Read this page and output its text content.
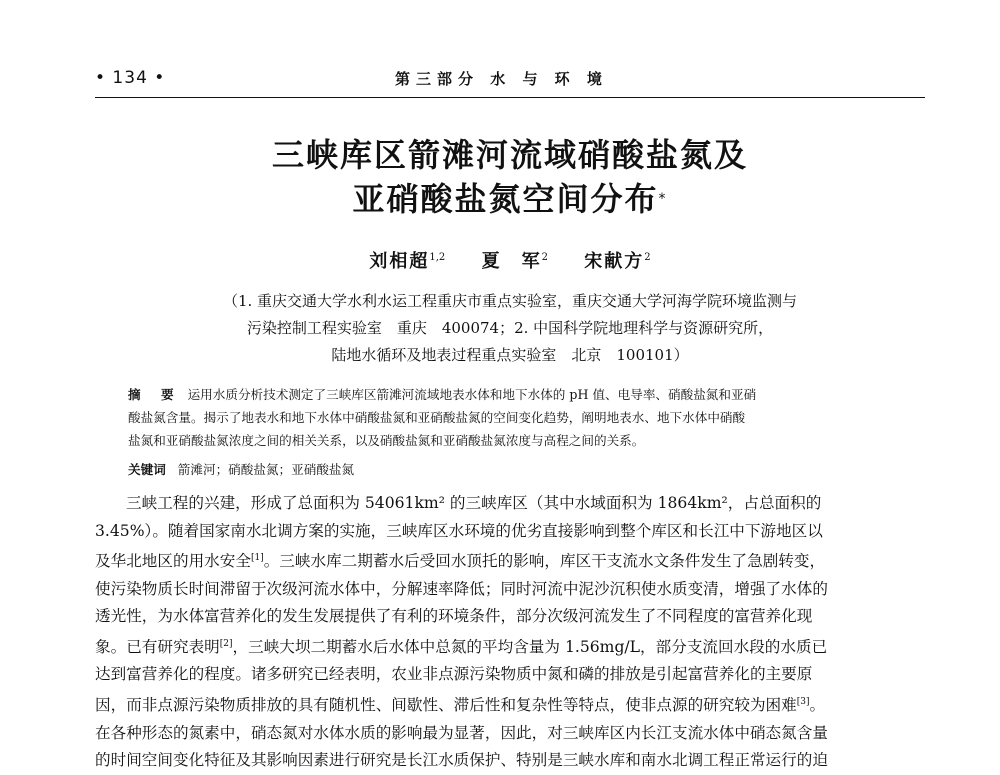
• 134 •	第三部分 水 与 环 境
三峡库区箭滩河流域硝酸盐氮及
亚硝酸盐氮空间分布*
刘相超$^{1,2}$ 夏　军$^2$ 宋献方$^2$
（1. 重庆交通大学水利水运工程重庆市重点实验室，重庆交通大学河海学院环境监测与
污染控制工程实验室　重庆　400074；2. 中国科学院地理科学与资源研究所，
陆地水循环及地表过程重点实验室　北京　100101）
摘 要 运用水质分析技术测定了三峡库区箭滩河流域地表水体和地下水体的 pH 值、电导率、硝酸盐氮和亚硝
酸盐氮含量。揭示了地表水和地下水体中硝酸盐氮和亚硝酸盐氮的空间变化趋势，阐明地表水、地下水体中硝酸
盐氮和亚硝酸盐氮浓度之间的相关关系，以及硝酸盐氮和亚硝酸盐氮浓度与高程之间的关系。
关键词 箭滩河；硝酸盐氮；亚硝酸盐氮
三峡工程的兴建，形成了总面积为 54061km² 的三峡库区（其中水域面积为 1864km²，占总面积的
3.45%）。随着国家南水北调方案的实施，三峡库区水环境的优劣直接影响到整个库区和长江中下游地区以
及华北地区的用水安全[1]。三峡水库二期蓄水后受回水顶托的影响，库区干支流水文条件发生了急剧转变，
使污染物质长时间滞留于次级河流水体中，分解速率降低；同时河流中泥沙沉积使水质变清，增强了水体的
透光性，为水体富营养化的发生发展提供了有利的环境条件，部分次级河流发生了不同程度的富营养化现
象。已有研究表明[2]，三峡大坝二期蓄水后水体中总氮的平均含量为 1.56mg/L，部分支流回水段的水质已
达到富营养化的程度。诸多研究已经表明，农业非点源污染物质中氮和磷的排放是引起富营养化的主要原
因，而非点源污染物质排放的具有随机性、间歇性、滞后性和复杂性等特点，使非点源的研究较为困难[3]。
在各种形态的氮素中，硝态氮对水体水质的影响最为显著，因此，对三峡库区内长江支流水体中硝态氮含量
的时间空间变化特征及其影响因素进行研究是长江水质保护、特别是三峡水库和南水北调工程正常运行的迫
